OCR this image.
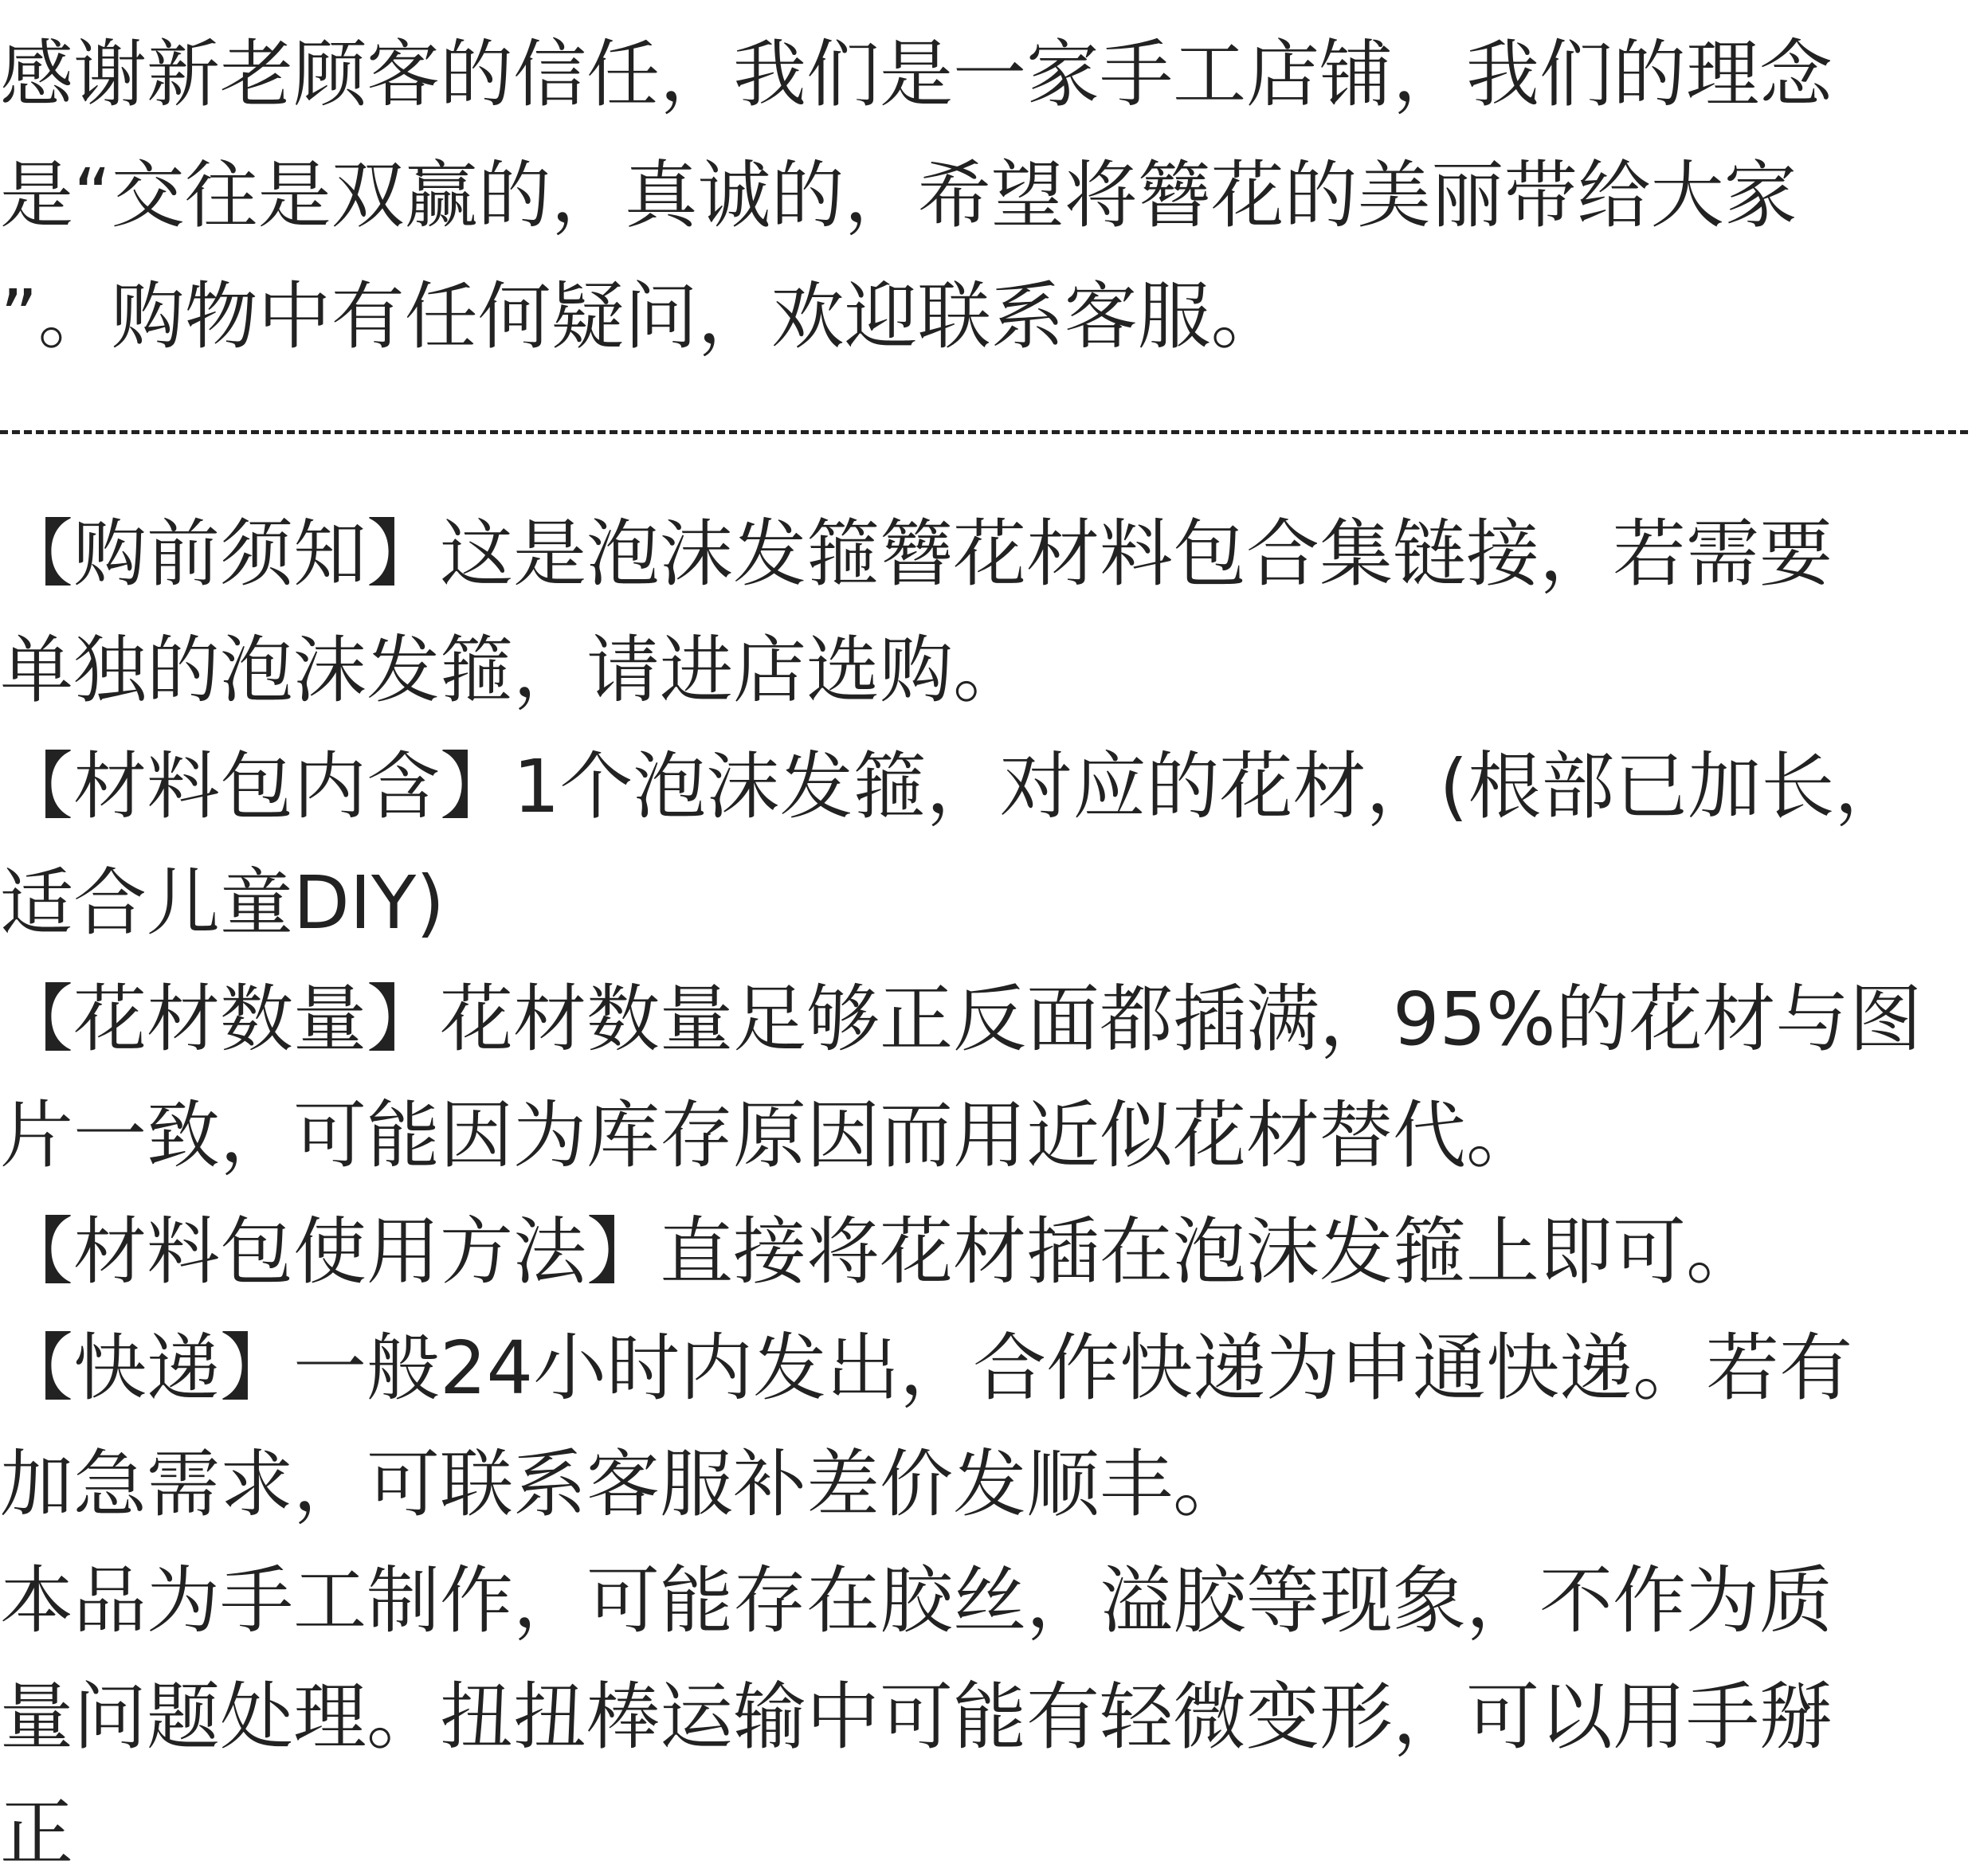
感谢新老顾客的信任，我们是一家手工店铺，我们的理念
是“交往是双赢的，真诚的，希望将簪花的美丽带给大家
”。购物中有任何疑问，欢迎联系客服。
【购前须知】这是泡沫发箍簪花材料包合集链接，若需要
单独的泡沫发箍，请进店选购。
【材料包内含】1个泡沫发箍，对应的花材，(根部已加长，
适合儿童DIY)
【花材数量】花材数量足够正反面都插满，95%的花材与图
片一致，可能因为库存原因而用近似花材替代。
【材料包使用方法】直接将花材插在泡沫发箍上即可。
【快递】一般24小时内发出，合作快递为申通快递。若有
加急需求，可联系客服补差价发顺丰。
本品为手工制作，可能存在胶丝，溢胶等现象，不作为质
量问题处理。扭扭棒运输中可能有轻微变形，可以用手掰
正
